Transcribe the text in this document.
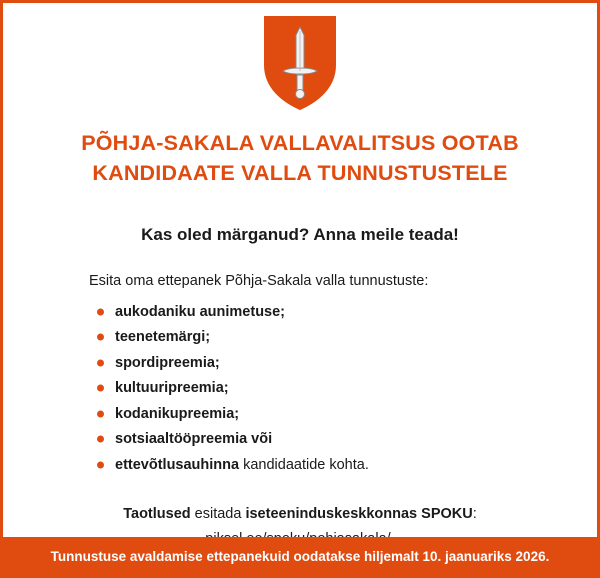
PÕHJA-SAKALA VALLAVALITSUS OOTAB
KANDIDAATE VALLA TUNNUSTUSTELE
Kas oled märganud? Anna meile teada!

Esita oma ettepanek Põhja-Sakala valla tunnustuste:

aukodaniku aunimetuse;
teenetemärgi;
spordipreemia;
kultuuripreemia;
kodanikupreemia;
sotsiaaltööpreemia või
ettevõtlusauhinna kandidaatide kohta.
Taotlused esitada iseteeninduskeskkonnas SPOKU:
Tunnustuse avaldamise ettepanekuid oodatakse hiljemalt 10. jaanuariks 2026.
